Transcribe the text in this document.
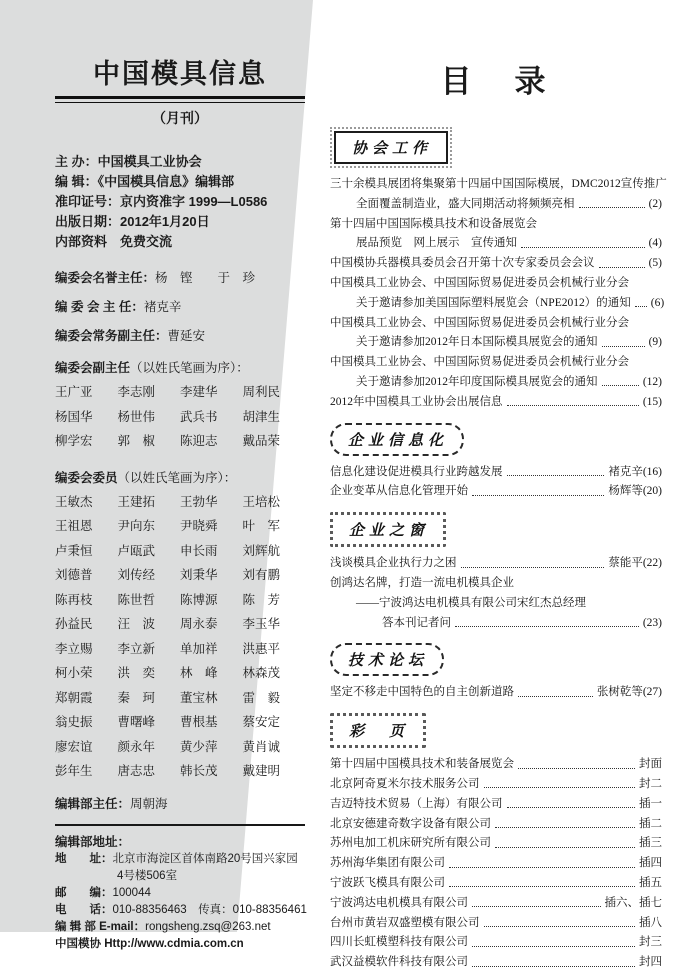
中国模具信息
（月刊）
主 办：中国模具工业协会
编 辑：《中国模具信息》编辑部
准印证号：京内资准字 1999—L0586
出版日期：2012年1月20日
内部资料　免费交流
编委会名誉主任：杨　铿　　于　珍
编 委 会 主 任：褚克辛
编委会常务副主任：曹延安
编委会副主任（以姓氏笔画为序）：
王广亚	李志刚	李建华	周利民
杨国华	杨世伟	武兵书	胡津生
柳学宏	郭　椒	陈迎志	戴品荣
编委会委员（以姓氏笔画为序）：
王敏杰	王建拓	王勃华	王培松
王祖恩	尹向东	尹晓舜	叶　军
卢秉恒	卢瓯武	申长雨	刘辉航
刘德普	刘传经	刘秉华	刘有鹏
陈再枝	陈世哲	陈博源	陈　芳
孙益民	汪　波	周永泰	李玉华
李立赐	李立新	单加祥	洪惠平
柯小荣	洪　奕	林　峰	林森茂
郑朝霞	秦　珂	董宝林	雷　毅
翁史振	曹曙峰	曹根基	蔡安定
廖宏谊	颜永年	黄少萍	黄肖诚
彭年生	唐志忠	韩长茂	戴建明
编辑部主任：周朝海
编辑部地址：
地　　址：北京市海淀区首体南路20号国兴家园
4号楼506室
邮　　编：100044
电　　话：010-88356463　传真：010-88356461
编 辑 部 E-mail：rongsheng.zsq@263.net
中国模协 Http://www.cdmia.com.cn
目　录
协会工作
三十余模具展团将集聚第十四届中国国际模展，DMC2012宣传推广
全面覆盖制造业，盛大同期活动将频频亮相	(2)
第十四届中国国际模具技术和设备展览会
展品预览　网上展示　宣传通知	(4)
中国模协兵器模具委员会召开第十次专家委员会会议	(5)
中国模具工业协会、中国国际贸易促进委员会机械行业分会
关于邀请参加美国国际塑料展览会（NPE2012）的通知 (6)
中国模具工业协会、中国国际贸易促进委员会机械行业分会
关于邀请参加2012年日本国际模具展览会的通知	(9)
中国模具工业协会、中国国际贸易促进委员会机械行业分会
关于邀请参加2012年印度国际模具展览会的通知	(12)
2012年中国模具工业协会出展信息	(15)
企业信息化
信息化建设促进模具行业跨越发展	褚克辛(16)
企业变革从信息化管理开始	杨辉等(20)
企业之窗
浅谈模具企业执行力之困	蔡能平(22)
创鸿达名牌，打造一流电机模具企业
——宁波鸿达电机模具有限公司宋红杰总经理
答本刊记者问	(23)
技术论坛
坚定不移走中国特色的自主创新道路	张树乾等(27)
彩　页
第十四届中国模具技术和装备展览会	封面
北京阿奇夏米尔技术服务公司	封二
吉迈特技术贸易（上海）有限公司	插一
北京安德建奇数字设备有限公司	插二
苏州电加工机床研究所有限公司	插三
苏州海华集团有限公司	插四
宁波跃飞模具有限公司	插五
宁波鸿达电机模具有限公司	插六、插七
台州市黄岩双盛塑模有限公司	插八
四川长虹模塑科技有限公司	封三
武汉益模软件科技有限公司	封四
